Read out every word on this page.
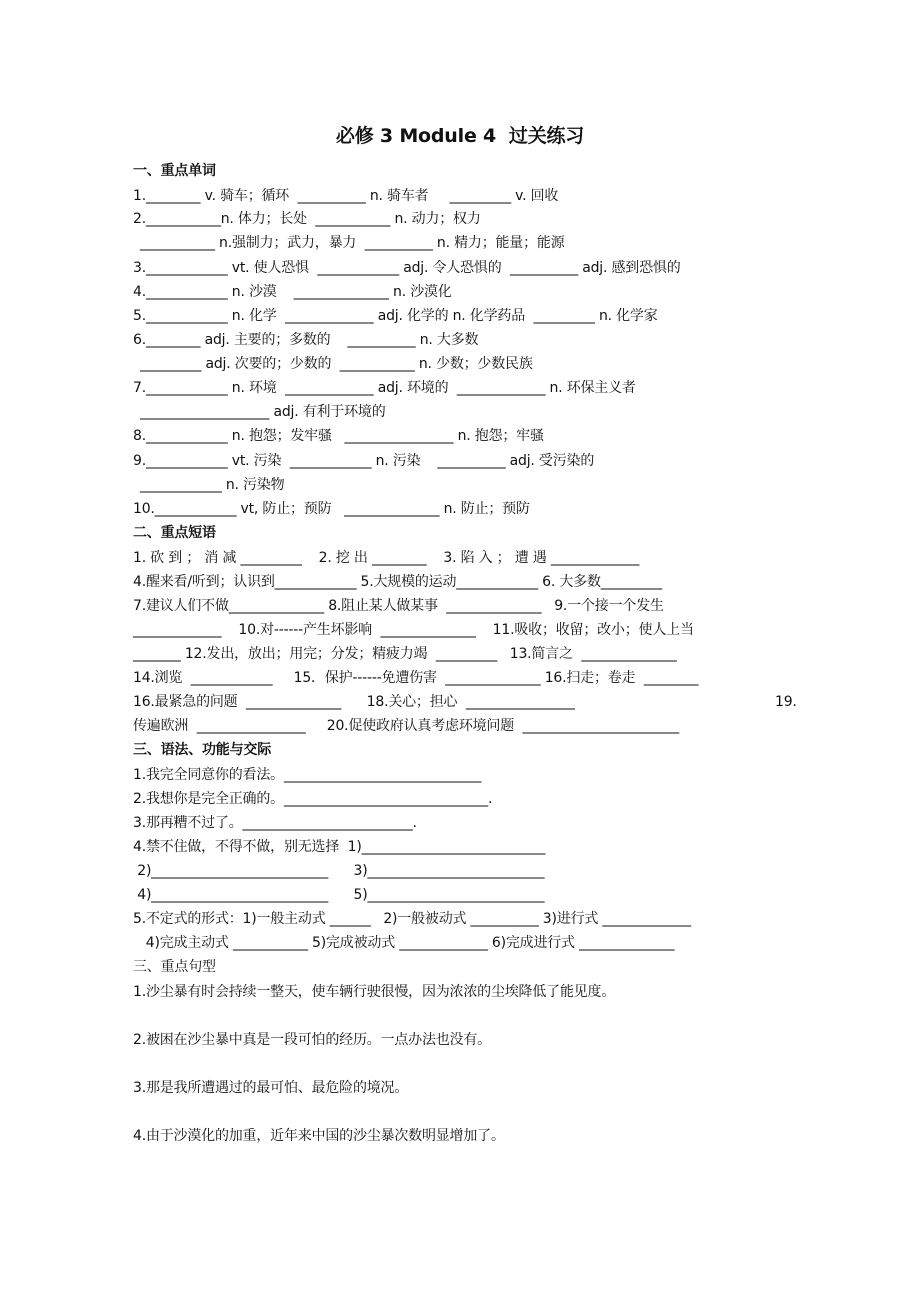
必修 3 Module 4  过关练习
一、重点单词
1.________ v. 骑车；循环  __________ n. 骑车者     _________ v. 回收
2.___________n. 体力；长处  ___________ n. 动力；权力
___________ n.强制力；武力，暴力  __________ n. 精力；能量；能源
3.____________ vt. 使人恐惧  ____________ adj. 令人恐惧的  __________ adj. 感到恐惧的
4.____________ n. 沙漠    ______________ n. 沙漠化
5.____________ n. 化学  _____________ adj. 化学的 n. 化学药品  _________ n. 化学家
6.________ adj. 主要的；多数的    __________ n. 大多数
_________ adj. 次要的；少数的  ___________ n. 少数；少数民族
7.____________ n. 环境  _____________ adj. 环境的  _____________ n. 环保主义者
___________________ adj. 有利于环境的
8.____________ n. 抱怨；发牢骚   ________________ n. 抱怨；牢骚
9.____________ vt. 污染  ____________ n. 污染    __________ adj. 受污染的
____________ n. 污染物
10.____________ vt, 防止；预防   ______________ n. 防止；预防
二、重点短语
1. 砍 到 ； 消 减 _________    2. 挖 出 ________    3. 陷 入 ； 遭 遇 _____________
4.醒来看/听到；认识到____________ 5.大规模的运动____________ 6. 大多数_________
7.建议人们不做______________ 8.阻止某人做某事  ______________   9.一个接一个发生
_____________    10.对------产生坏影响  ______________    11.吸收；收留；改小；使人上当
_______ 12.发出，放出；用完；分发；精疲力竭  _________   13.简言之  ______________
14.浏览  ____________     15．保护------免遭伤害  ______________ 16.扫走；卷走  ________
16.最紧急的问题  ______________      18.关心；担心  ________________	19.
传遍欧洲  ________________     20.促使政府认真考虑环境问题  _______________________
三、语法、功能与交际
1.我完全同意你的看法。_____________________________
2.我想你是完全正确的。______________________________.
3.那再糟不过了。_________________________.
4.禁不住做，不得不做，别无选择  1)___________________________
2)__________________________      3)__________________________
4)__________________________      5)__________________________
5.不定式的形式：1)一般主动式 ______   2)一般被动式 __________ 3)进行式 _____________
4)完成主动式 ___________ 5)完成被动式 _____________ 6)完成进行式 ______________
三、重点句型
1.沙尘暴有时会持续一整天，使车辆行驶很慢，因为浓浓的尘埃降低了能见度。
2.被困在沙尘暴中真是一段可怕的经历。一点办法也没有。
3.那是我所遭遇过的最可怕、最危险的境况。
4.由于沙漠化的加重，近年来中国的沙尘暴次数明显增加了。
